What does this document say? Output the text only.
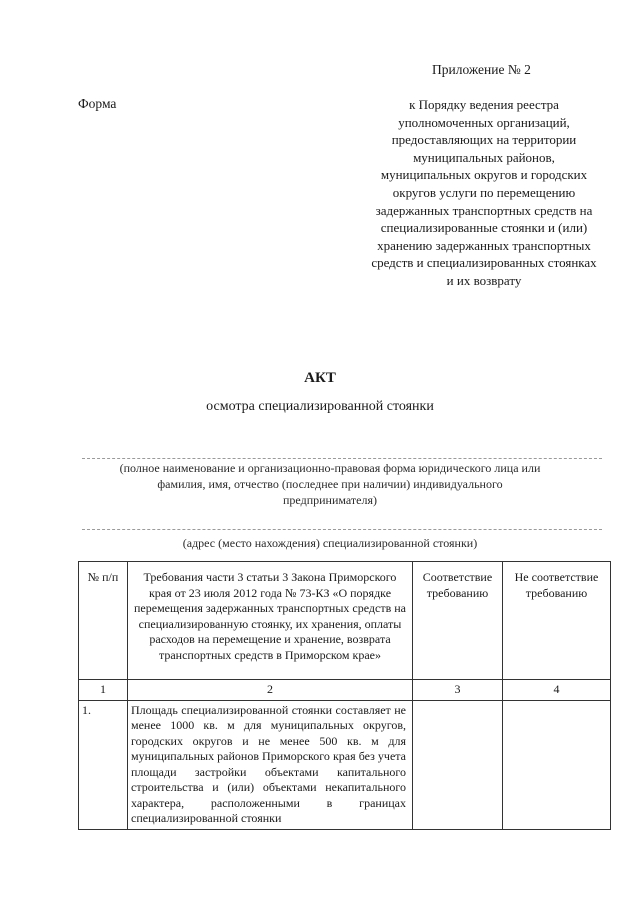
Приложение № 2
Форма	к Порядку ведения реестра уполномоченных организаций, предоставляющих на территории муниципальных районов, муниципальных округов и городских округов услуги по перемещению задержанных транспортных средств на специализированные стоянки и (или) хранению задержанных транспортных средств и специализированных стоянках и их возврату
АКТ
осмотра специализированной стоянки
(полное наименование и организационно-правовая форма юридического лица или фамилия, имя, отчество (последнее при наличии) индивидуального предпринимателя)
(адрес (место нахождения) специализированной стоянки)
№ п/п	Требования части 3 статьи 3 Закона Приморского края от 23 июля 2012 года № 73-КЗ «О порядке перемещения задержанных транспортных средств на специализированную стоянку, их хранения, оплаты расходов на перемещение и хранение, возврата транспортных средств в Приморском крае»	Соответствие требованию	Не соответствие требованию
1	2	3	4
1.	Площадь специализированной стоянки составляет не менее 1000 кв. м для муниципальных округов, городских округов и не менее 500 кв. м для муниципальных районов Приморского края без учета площади застройки объектами капитального строительства и (или) объектами некапитального характера, расположенными в границах специализированной стоянки		
